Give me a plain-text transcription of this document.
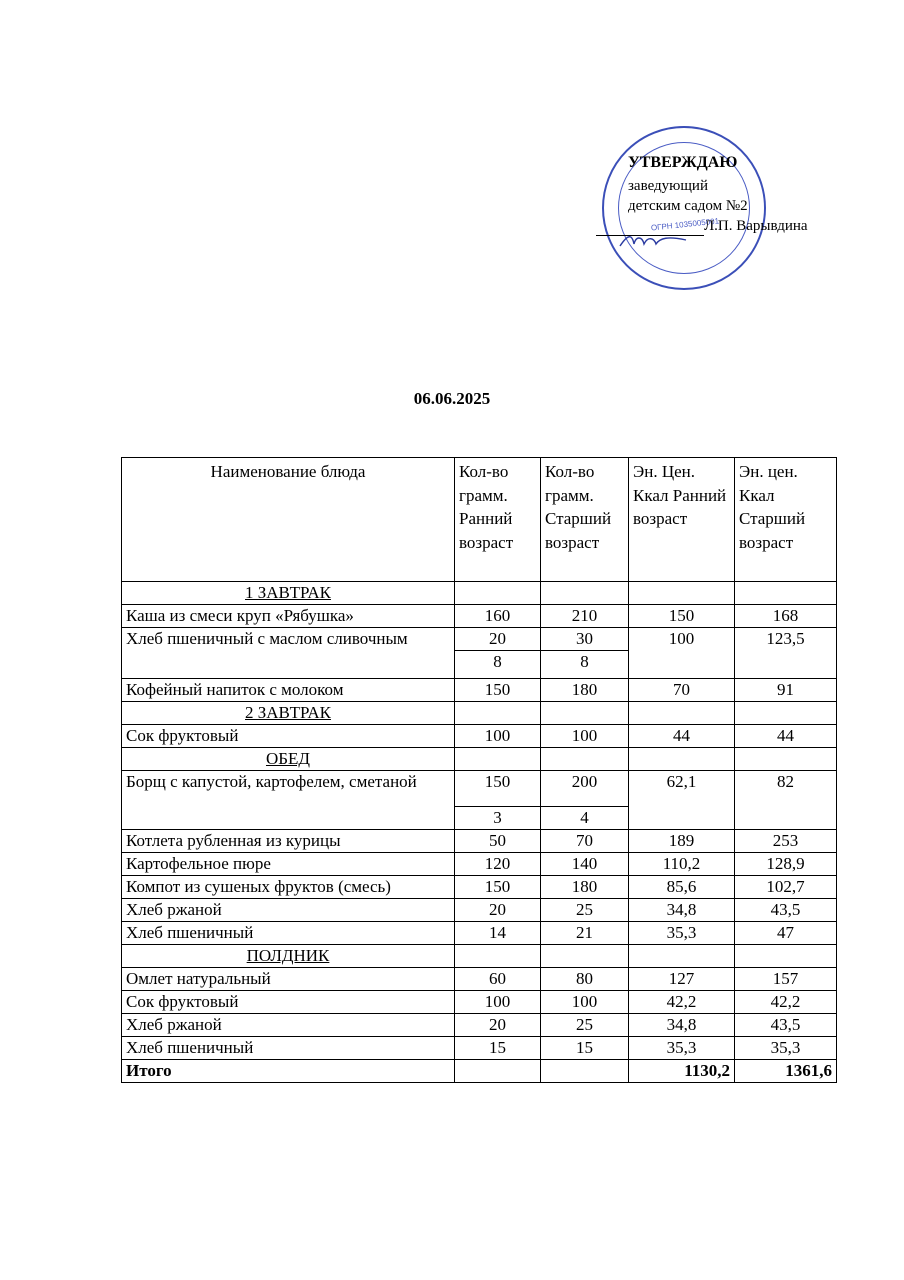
ОГРН 1035005001
УТВЕРЖДАЮ
заведующий
детским садом №2
Л.П. Варывдина
06.06.2025
Наименование блюда	Кол-во грамм. Ранний возраст	Кол-во грамм. Старший возраст	Эн. Цен. Ккал Ранний возраст	Эн. цен. Ккал Старший возраст
1 ЗАВТРАК				
Каша из смеси круп «Рябушка»	160	210	150	168
Хлеб пшеничный с маслом сливочным	20	30	100	123,5
	8	8		
Кофейный напиток с молоком	150	180	70	91
2 ЗАВТРАК				
Сок фруктовый	100	100	44	44
ОБЕД				
Борщ с капустой, картофелем, сметаной	150	200	62,1	82
	3	4		
Котлета рубленная из курицы	50	70	189	253
Картофельное пюре	120	140	110,2	128,9

Компот из сушеных фруктов (смесь)	150	180	85,6	102,7
Хлеб ржаной	20	25	34,8	43,5
Хлеб пшеничный	14	21	35,3	47
ПОЛДНИК				
Омлет натуральный	60	80	127	157
Сок фруктовый	100	100	42,2	42,2
Хлеб ржаной	20	25	34,8	43,5
Хлеб пшеничный	15	15	35,3	35,3
Итого			1130,2	1361,6
